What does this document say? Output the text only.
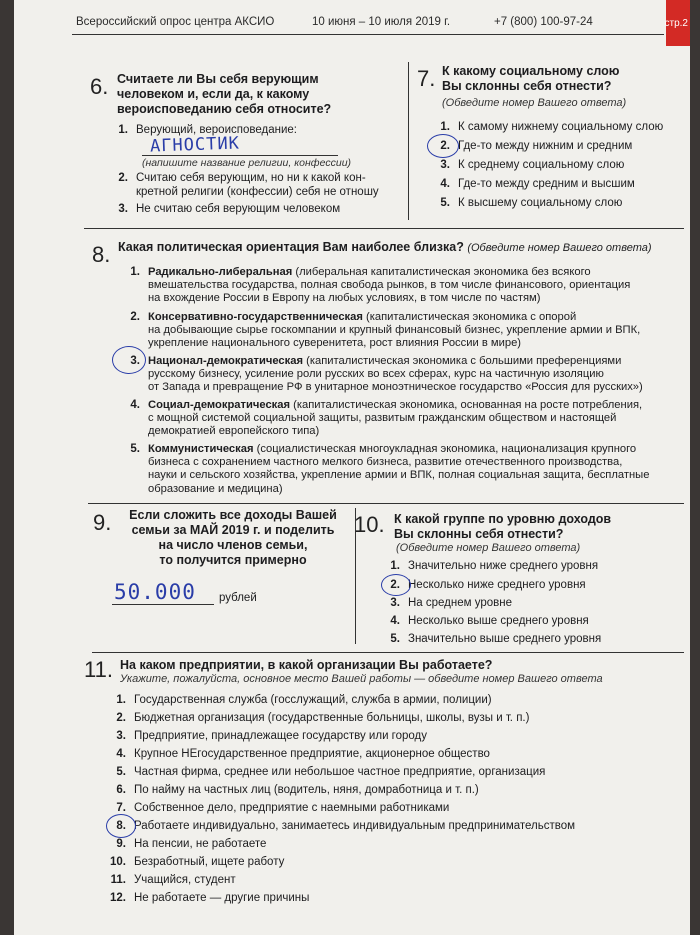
стр.2
Всероссийский опрос центра АКСИО	10 июня – 10 июля 2019 г.	+7 (800) 100-97-24
6. Считаете ли Вы себя верующим
человеком и, если да, к какому
вероисповеданию себя относите?
1. Верующий, вероисповедание:
АГНОСТИК
(напишите название религии, конфессии)
2. Считаю себя верующим, но ни к какой кон-
кретной религии (конфессии) себя не отношу
3. Не считаю себя верующим человеком
7. К какому социальному слою
Вы склонны себя отнести?
(Обведите номер Вашего ответа)
1. К самому нижнему социальному слою
2. Где-то между нижним и средним
3. К среднему социальному слою
4. Где-то между средним и высшим
5. К высшему социальному слою
8. Какая политическая ориентация Вам наиболее близка? (Обведите номер Вашего ответа)
1. Радикально-либеральная (либеральная капиталистическая экономика без всякого
вмешательства государства, полная свобода рынков, в том числе финансового, ориентация
на вхождение России в Европу на любых условиях, в том числе по частям)
2. Консервативно-государственническая (капиталистическая экономика с опорой
на добывающие сырье госкомпании и крупный финансовый бизнес, укрепление армии и ВПК,
укрепление национального суверенитета, рост влияния России в мире)
3. Национал-демократическая (капиталистическая экономика с большими преференциями
русскому бизнесу, усиление роли русских во всех сферах, курс на частичную изоляцию
от Запада и превращение РФ в унитарное моноэтническое государство «Россия для русских»)
4. Социал-демократическая (капиталистическая экономика, основанная на росте потребления,
с мощной системой социальной защиты, развитым гражданским обществом и настоящей
демократией европейского типа)
5. Коммунистическая (социалистическая многоукладная экономика, национализация крупного
бизнеса с сохранением частного мелкого бизнеса, развитие отечественного производства,
науки и сельского хозяйства, укрепление армии и ВПК, полная социальная защита, бесплатные
образование и медицина)
9.	Если сложить все доходы Вашей
семьи за МАЙ 2019 г. и поделить
на число членов семьи,
то получится примерно
50.000 рублей
10. К какой группе по уровню доходов
Вы склонны себя отнести?
(Обведите номер Вашего ответа)
1. Значительно ниже среднего уровня
2. Несколько ниже среднего уровня
3. На среднем уровне
4. Несколько выше среднего уровня
5. Значительно выше среднего уровня
11. На каком предприятии, в какой организации Вы работаете?
Укажите, пожалуйста, основное место Вашей работы — обведите номер Вашего ответа
1. Государственная служба (госслужащий, служба в армии, полиции)
2. Бюджетная организация (государственные больницы, школы, вузы и т. п.)
3. Предприятие, принадлежащее государству или городу
4. Крупное НЕгосударственное предприятие, акционерное общество
5. Частная фирма, среднее или небольшое частное предприятие, организация
6. По найму на частных лиц (водитель, няня, домработница и т. п.)
7. Собственное дело, предприятие с наемными работниками
8. Работаете индивидуально, занимаетесь индивидуальным предпринимательством
9. На пенсии, не работаете
10. Безработный, ищете работу
11. Учащийся, студент
12. Не работаете — другие причины
